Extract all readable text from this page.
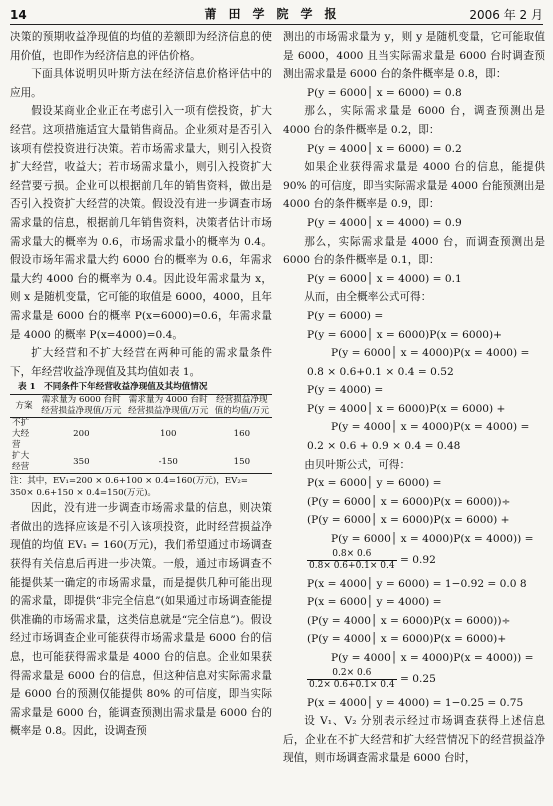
14	莆田学院学报	2006 年 2 月

决策的预期收益净现值的均值的差额即为经济信息的使用价值，也即作为经济信息的评估价格。

下面具体说明贝叶斯方法在经济信息价格评估中的应用。

假设某商业企业正在考虑引入一项有偿投资，扩大经营。这项措施适宜大量销售商品。企业须对是否引入该项有偿投资进行决策。若市场需求量大，则引入投资扩大经营，收益大；若市场需求量小，则引入投资扩大经营要亏损。企业可以根据前几年的销售资料，做出是否引入投资扩大经营的决策。假设没有进一步调查市场需求量的信息，根据前几年销售资料，决策者估计市场需求量大的概率为 0.6，市场需求量小的概率为 0.4。假设市场年需求量大约 6000 台的概率为 0.6，年需求量大约 4000 台的概率为 0.4。因此设年需求量为 x，则 x 是随机变量，它可能的取值是 6000，4000，且年需求量是 6000 台的概率 P(x=6000)=0.6，年需求量是 4000 的概率 P(x=4000)=0.4。

扩大经营和不扩大经营在两种可能的需求量条件下，年经营收益净现值及其均值如表 1。

表 1　不同条件下年经营收益净现值及其均值情况
方案	需求量为 6000 台时经营损益净现值/万元	需求量为 4000 台时经营损益净现值/万元	经营损益净现值的均值/万元
不扩大经营	200	100	160
扩大经营	350	-150	150
注：其中，EV₁=200 × 0.6+100 × 0.4=160(万元)，EV₂=
350× 0.6+150 × 0.4=150(万元)。

因此，没有进一步调查市场需求量的信息，则决策者做出的选择应该是不引入该项投资，此时经营损益净现值的均值 EV₁ = 160(万元)，我们希望通过市场调查获得有关信息后再进一步决策。一般，通过市场调查不能提供某一确定的市场需求量，而是提供几种可能出现的需求量，即提供“非完全信息”(如果通过市场调查能提供准确的市场需求量，这类信息就是“完全信息”)。假设经过市场调查企业可能获得市场需求量是 6000 台的信息，也可能获得需求量是 4000 台的信息。企业如果获得需求量是 6000 台的信息，但这种信息对实际需求量是 6000 台的预测仅能提供 80% 的可信度，即当实际需求量是 6000 台，能调查预测出需求量是 6000 台的概率是 0.8。因此，设调查预

测出的市场需求量为 y，则 y 是随机变量，它可能取值是 6000，4000 且当实际需求量是 6000 台时调查预测出需求量是 6000 台的条件概率是 0.8，即：

P(y = 6000│ x = 6000) = 0.8

那么，实际需求量是 6000 台，调查预测出是 4000 台的条件概率是 0.2，即：

P(y = 4000│ x = 6000) = 0.2

如果企业获得需求量是 4000 台的信息，能提供 90% 的可信度，即当实际需求量是 4000 台能预测出是 4000 台的条件概率是 0.9，即：

P(y = 4000│ x = 4000) = 0.9

那么，实际需求量是 4000 台，而调查预测出是 6000 台的条件概率是 0.1，即：

P(y = 6000│ x = 4000) = 0.1

从而，由全概率公式可得：

P(y = 6000) =
P(y = 6000│ x = 6000)P(x = 6000)+
P(y = 6000│ x = 4000)P(x = 4000) =
0.8 × 0.6+0.1 × 0.4 = 0.52
P(y = 4000) =
P(y = 4000│ x = 6000)P(x = 6000) +
P(y = 4000│ x = 4000)P(x = 4000) =
0.2 × 0.6 + 0.9 × 0.4 = 0.48

由贝叶斯公式，可得：

P(x = 6000│ y = 6000) =
(P(y = 6000│ x = 6000)P(x = 6000))÷
(P(y = 6000│ x = 6000)P(x = 6000) +
P(y = 6000│ x = 4000)P(x = 4000)) =
$\frac{0.8\times 0.6}{0.8\times 0.6+0.1\times 0.4} = 0.92$
P(x = 4000│ y = 6000) = 1−0.92 = 0.0 8
P(x = 6000│ y = 4000) =
(P(y = 4000│ x = 6000)P(x = 6000))÷
(P(y = 4000│ x = 6000)P(x = 6000)+
P(y = 4000│ x = 4000)P(x = 4000)) =
$\frac{0.2\times 0.6}{0.2\times 0.6+0.1\times 0.4} = 0.25$
P(x = 4000│ y = 4000) = 1−0.25 = 0.75

设 V₁、V₂ 分别表示经过市场调查获得上述信息后，企业在不扩大经营和扩大经营情况下的经营损益净现值，则市场调查需求量是 6000 台时，
